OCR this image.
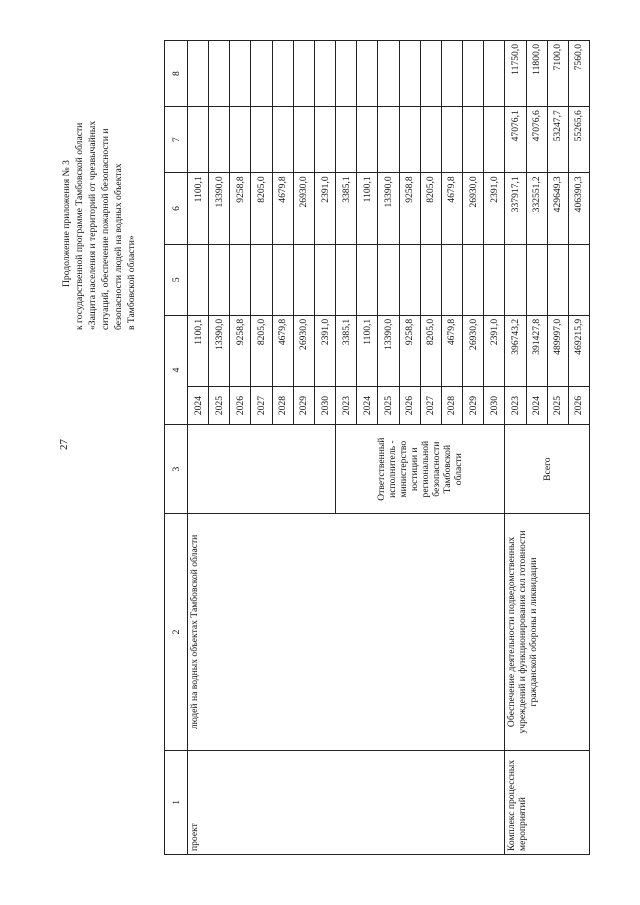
27
Продолжение приложения № 3 к государственной программе Тамбовской области «Защита населения и территорий от чрезвычайных ситуаций, обеспечение пожарной безопасности и безопасности людей на водных объектах в Тамбовской области»
1	2	3	4		5	6	7	8
проект	людей на водных объектах Тамбовской области		2024	1100,1		1100,1		
			2025	13390,0		13390,0		
			2026	9258,8		9258,8		
			2027	8205,0		8205,0		
			2028	4679,8		4679,8		
			2029	26930,0		26930,0		
			2030	2391,0		2391,0		
		Ответственный исполнитель - министерство юстиции и региональной безопасности Тамбовской области	2023	3385,1		3385,1		
			2024	1100,1		1100,1		
			2025	13390,0		13390,0		
			2026	9258,8		9258,8		
			2027	8205,0		8205,0		
			2028	4679,8		4679,8		
			2029	26930,0		26930,0		
			2030	2391,0		2391,0		
Комплекс процессных мероприятий	Обеспечение деятельности подведомственных учреждений и функционирования сил готовности гражданской обороны и ликвидации	Всего	2023	396743,2		337917,1	47076,1	11750,0
			2024	391427,8		332551,2	47076,6	11800,0
			2025	489997,0		429649,3	53247,7	7100,0
			2026	469215,9		406390,3	55265,6	7560,0
